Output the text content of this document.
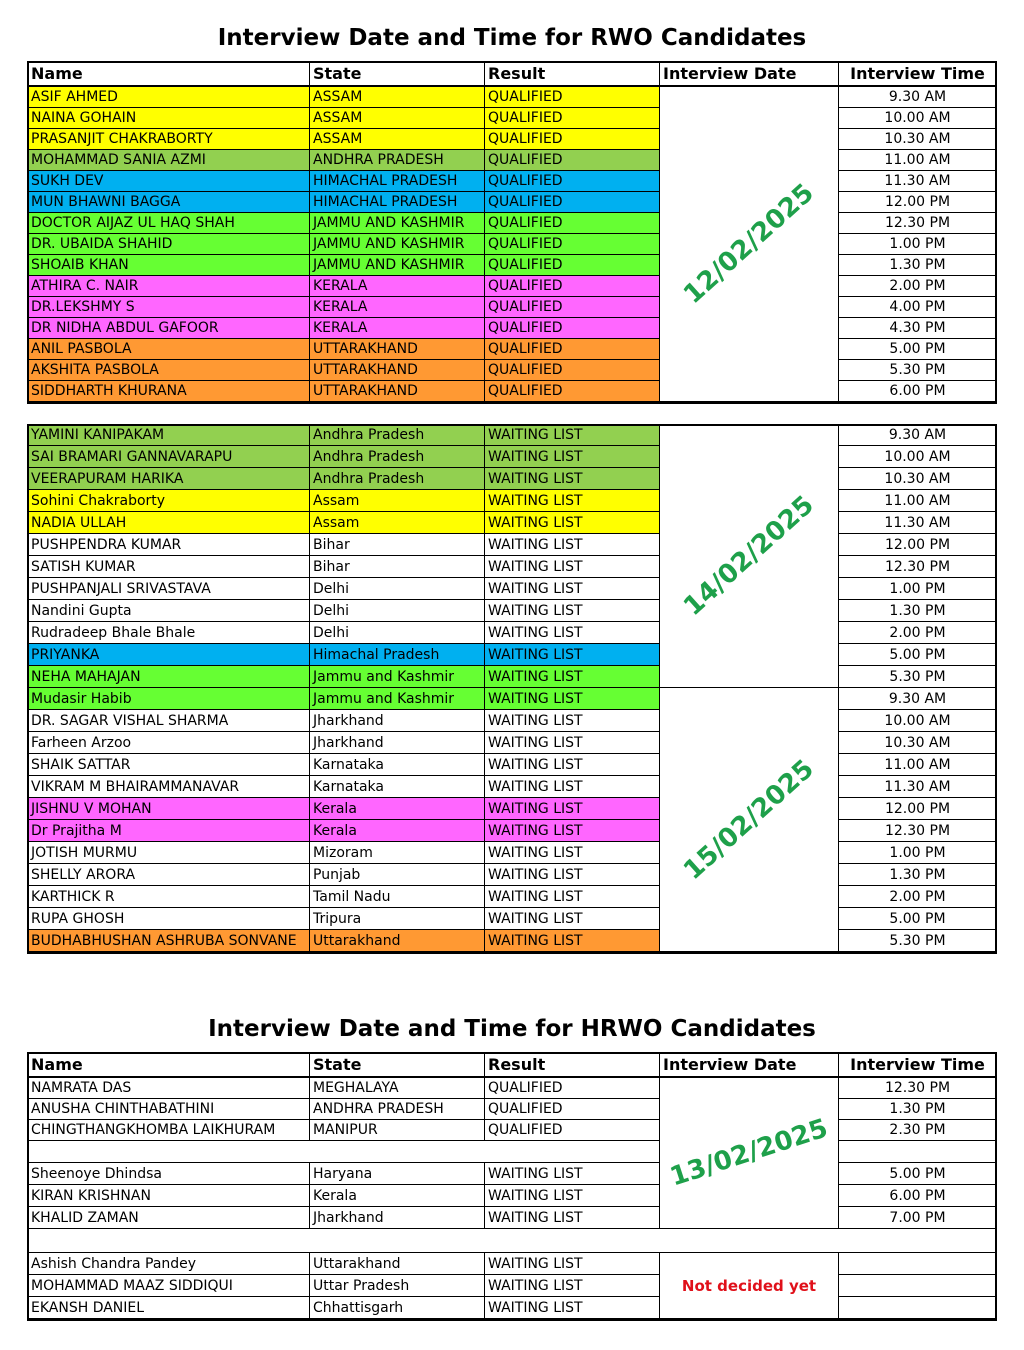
Interview Date and Time for RWO Candidates
Name	State	Result	Interview Date	Interview Time
ASIF AHMED	ASSAM	QUALIFIED	9.30 AM
NAINA GOHAIN	ASSAM	QUALIFIED	10.00 AM
PRASANJIT CHAKRABORTY	ASSAM	QUALIFIED	10.30 AM
MOHAMMAD SANIA AZMI	ANDHRA PRADESH	QUALIFIED	11.00 AM
SUKH DEV	HIMACHAL PRADESH	QUALIFIED	11.30 AM
MUN BHAWNI BAGGA	HIMACHAL PRADESH	QUALIFIED	12.00 PM
DOCTOR AIJAZ UL HAQ SHAH	JAMMU AND KASHMIR	QUALIFIED	12.30 PM
DR. UBAIDA SHAHID	JAMMU AND KASHMIR	QUALIFIED	1.00 PM
SHOAIB KHAN	JAMMU AND KASHMIR	QUALIFIED	1.30 PM
ATHIRA C. NAIR	KERALA	QUALIFIED	2.00 PM
DR.LEKSHMY S	KERALA	QUALIFIED	4.00 PM
DR NIDHA ABDUL GAFOOR	KERALA	QUALIFIED	4.30 PM
ANIL PASBOLA	UTTARAKHAND	QUALIFIED	5.00 PM
AKSHITA PASBOLA	UTTARAKHAND	QUALIFIED	5.30 PM
SIDDHARTH KHURANA	UTTARAKHAND	QUALIFIED	6.00 PM
12/02/2025
YAMINI KANIPAKAM	Andhra Pradesh	WAITING LIST	9.30 AM
SAI BRAMARI GANNAVARAPU	Andhra Pradesh	WAITING LIST	10.00 AM
VEERAPURAM HARIKA	Andhra Pradesh	WAITING LIST	10.30 AM
Sohini Chakraborty	Assam	WAITING LIST	11.00 AM
NADIA ULLAH	Assam	WAITING LIST	11.30 AM
PUSHPENDRA KUMAR	Bihar	WAITING LIST	12.00 PM
SATISH KUMAR	Bihar	WAITING LIST	12.30 PM
PUSHPANJALI SRIVASTAVA	Delhi	WAITING LIST	1.00 PM
Nandini Gupta	Delhi	WAITING LIST	1.30 PM
Rudradeep Bhale Bhale	Delhi	WAITING LIST	2.00 PM
PRIYANKA	Himachal Pradesh	WAITING LIST	5.00 PM
NEHA MAHAJAN	Jammu and Kashmir	WAITING LIST	5.30 PM
14/02/2025
Mudasir Habib	Jammu and Kashmir	WAITING LIST	9.30 AM
DR. SAGAR VISHAL SHARMA	Jharkhand	WAITING LIST	10.00 AM
Farheen Arzoo	Jharkhand	WAITING LIST	10.30 AM
SHAIK SATTAR	Karnataka	WAITING LIST	11.00 AM
VIKRAM M BHAIRAMMANAVAR	Karnataka	WAITING LIST	11.30 AM
JISHNU V MOHAN	Kerala	WAITING LIST	12.00 PM
Dr Prajitha M	Kerala	WAITING LIST	12.30 PM
JOTISH MURMU	Mizoram	WAITING LIST	1.00 PM
SHELLY ARORA	Punjab	WAITING LIST	1.30 PM
KARTHICK R	Tamil Nadu	WAITING LIST	2.00 PM
RUPA GHOSH	Tripura	WAITING LIST	5.00 PM
BUDHABHUSHAN ASHRUBA SONVANE	Uttarakhand	WAITING LIST	5.30 PM
15/02/2025
Interview Date and Time for HRWO Candidates
Name	State	Result	Interview Date	Interview Time
NAMRATA DAS	MEGHALAYA	QUALIFIED	12.30 PM
ANUSHA CHINTHABATHINI	ANDHRA PRADESH	QUALIFIED	1.30 PM
CHINGTHANGKHOMBA LAIKHURAM	MANIPUR	QUALIFIED	2.30 PM
Sheenoye Dhindsa	Haryana	WAITING LIST	5.00 PM
KIRAN KRISHNAN	Kerala	WAITING LIST	6.00 PM
KHALID ZAMAN	Jharkhand	WAITING LIST	7.00 PM
13/02/2025
Ashish Chandra Pandey	Uttarakhand	WAITING LIST
MOHAMMAD MAAZ SIDDIQUI	Uttar Pradesh	WAITING LIST
EKANSH DANIEL	Chhattisgarh	WAITING LIST
Not decided yet
